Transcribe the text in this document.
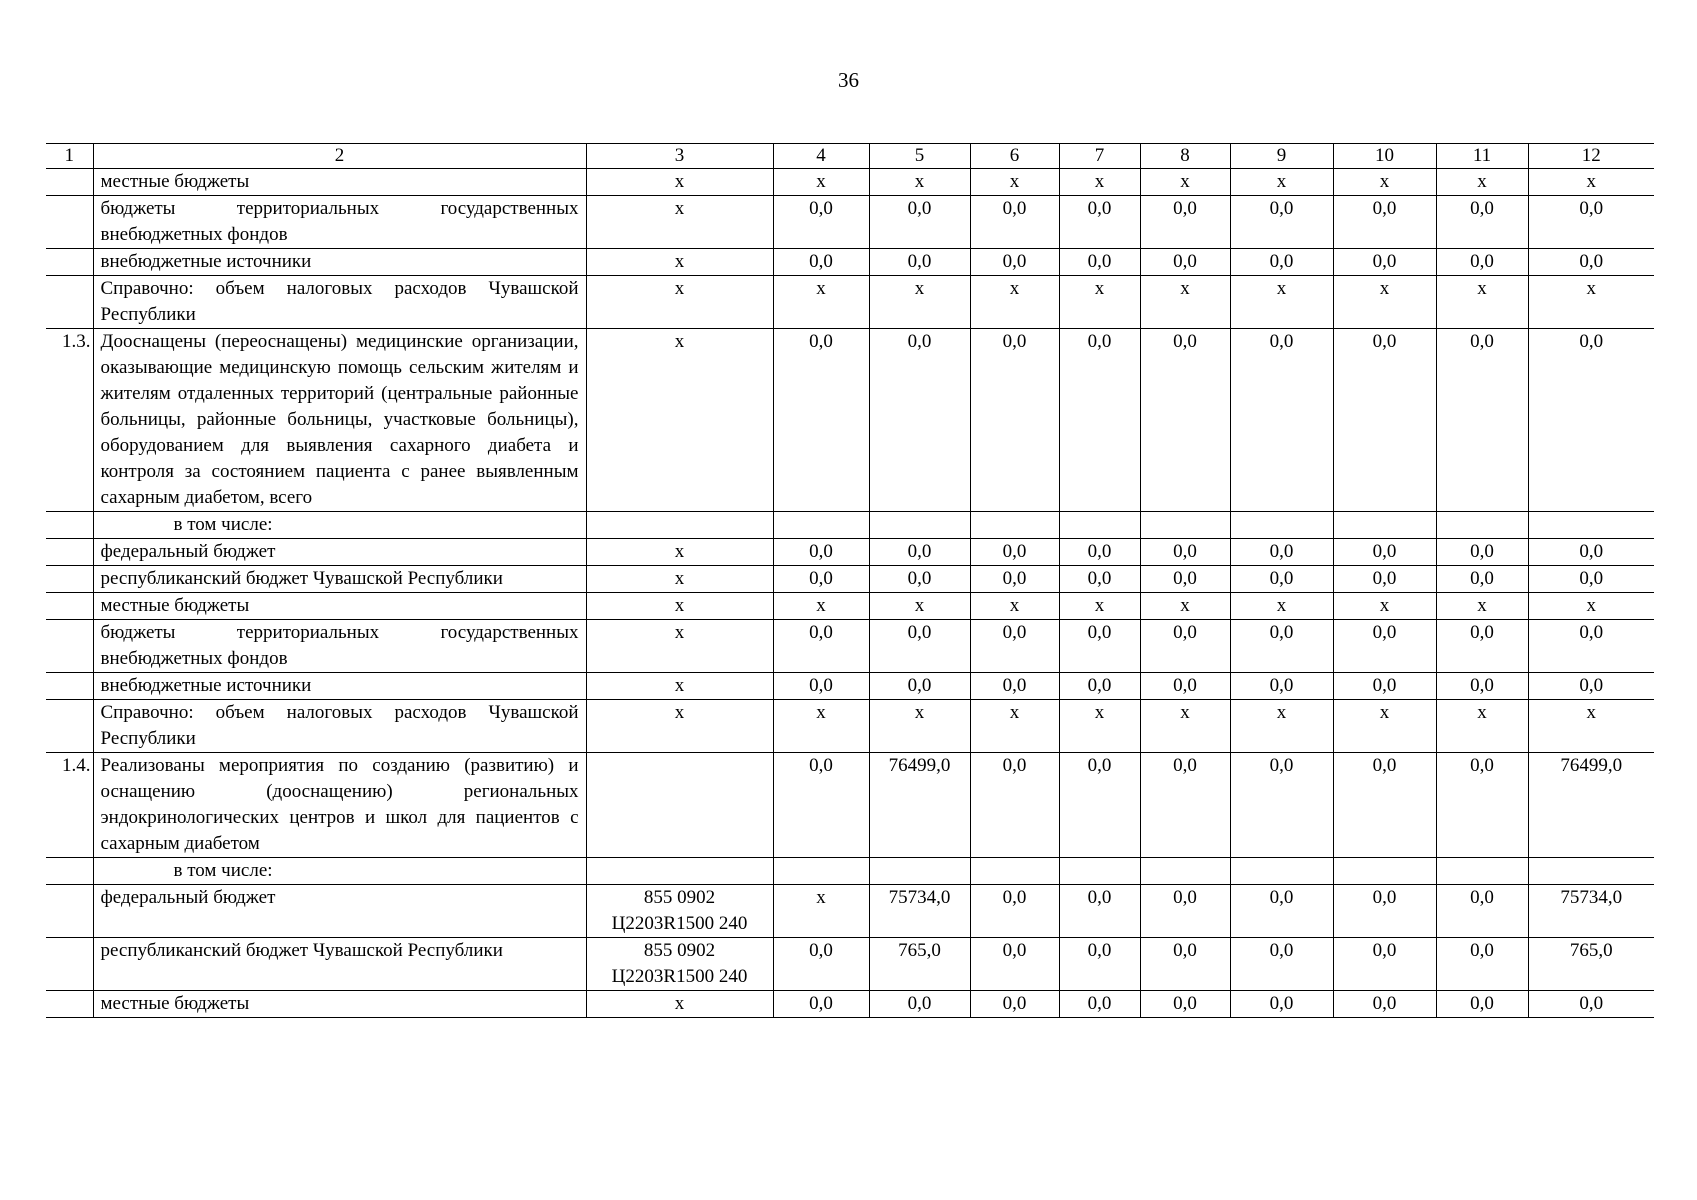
36
1	2	3	4	5	6	7	8	9	10	11	12
	местные бюджеты	х	х	х	х	х	х	х	х	х	х
	бюджеты территориальных государственных внебюджетных фондов	х	0,0	0,0	0,0	0,0	0,0	0,0	0,0	0,0	0,0
	внебюджетные источники	х	0,0	0,0	0,0	0,0	0,0	0,0	0,0	0,0	0,0
	Справочно: объем налоговых расходов Чувашской Республики	х	х	х	х	х	х	х	х	х	х
1.3.	Дооснащены (переоснащены) медицинские организации, оказывающие медицинскую помощь сельским жителям и жителям отдаленных территорий (центральные районные больницы, районные больницы, участковые больницы), оборудованием для выявления сахарного диабета и контроля за состоянием пациента с ранее выявленным сахарным диабетом, всего	х	0,0	0,0	0,0	0,0	0,0	0,0	0,0	0,0	0,0
	в том числе:										
	федеральный бюджет	х	0,0	0,0	0,0	0,0	0,0	0,0	0,0	0,0	0,0
	республиканский бюджет Чувашской Республики	х	0,0	0,0	0,0	0,0	0,0	0,0	0,0	0,0	0,0
	местные бюджеты	х	х	х	х	х	х	х	х	х	х
	бюджеты территориальных государственных внебюджетных фондов	х	0,0	0,0	0,0	0,0	0,0	0,0	0,0	0,0	0,0
	внебюджетные источники	х	0,0	0,0	0,0	0,0	0,0	0,0	0,0	0,0	0,0
	Справочно: объем налоговых расходов Чувашской Республики	х	х	х	х	х	х	х	х	х	х
1.4.	Реализованы мероприятия по созданию (развитию) и оснащению (дооснащению) региональных эндокринологических центров и школ для пациентов с сахарным диабетом		0,0	76499,0	0,0	0,0	0,0	0,0	0,0	0,0	76499,0
	в том числе:										
	федеральный бюджет	855 0902 Ц2203R1500 240	х	75734,0	0,0	0,0	0,0	0,0	0,0	0,0	75734,0
	республиканский бюджет Чувашской Республики	855 0902 Ц2203R1500 240	0,0	765,0	0,0	0,0	0,0	0,0	0,0	0,0	765,0
	местные бюджеты	х	0,0	0,0	0,0	0,0	0,0	0,0	0,0	0,0	0,0
